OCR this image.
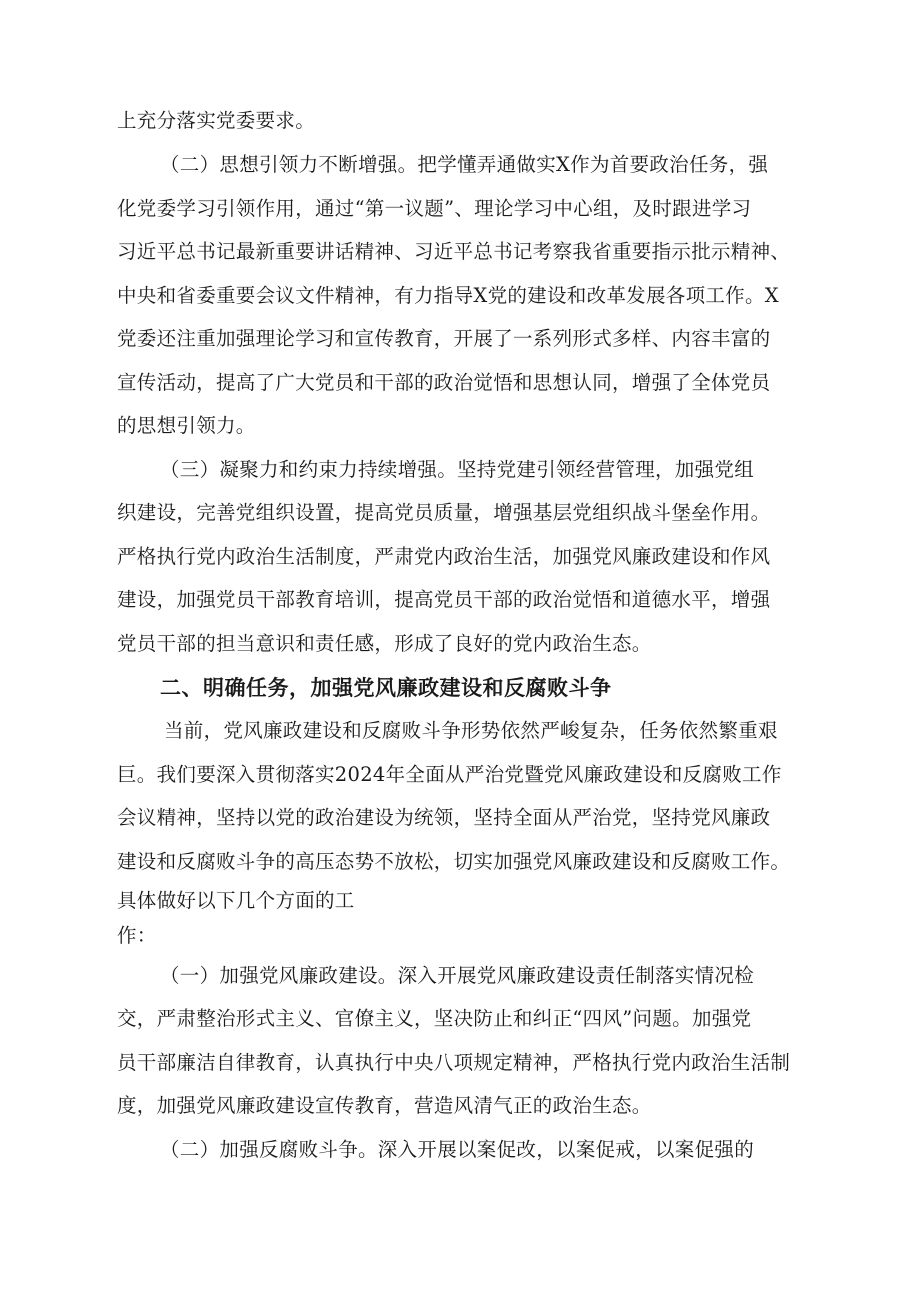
上充分落实党委要求。
（二）思想引领力不断增强。把学懂弄通做实X作为首要政治任务，强
化党委学习引领作用，通过“第一议题”、理论学习中心组，及时跟进学习
习近平总书记最新重要讲话精神、习近平总书记考察我省重要指示批示精神、
中央和省委重要会议文件精神，有力指导X党的建设和改革发展各项工作。X
党委还注重加强理论学习和宣传教育，开展了一系列形式多样、内容丰富的
宣传活动，提高了广大党员和干部的政治觉悟和思想认同，增强了全体党员
的思想引领力。
（三）凝聚力和约束力持续增强。坚持党建引领经营管理，加强党组
织建设，完善党组织设置，提高党员质量，增强基层党组织战斗堡垒作用。
严格执行党内政治生活制度，严肃党内政治生活，加强党风廉政建设和作风
建设，加强党员干部教育培训，提高党员干部的政治觉悟和道德水平，增强
党员干部的担当意识和责任感，形成了良好的党内政治生态。
二、明确任务，加强党风廉政建设和反腐败斗争
当前，党风廉政建设和反腐败斗争形势依然严峻复杂，任务依然繁重艰
巨。我们要深入贯彻落实2024年全面从严治党暨党风廉政建设和反腐败工作
会议精神，坚持以党的政治建设为统领，坚持全面从严治党，坚持党风廉政
建设和反腐败斗争的高压态势不放松，切实加强党风廉政建设和反腐败工作。
具体做好以下几个方面的工
作：
（一）加强党风廉政建设。深入开展党风廉政建设责任制落实情况检
交，严肃整治形式主义、官僚主义，坚决防止和纠正“四风”问题。加强党
员干部廉洁自律教育，认真执行中央八项规定精神，严格执行党内政治生活制
度，加强党风廉政建设宣传教育，营造风清气正的政治生态。
（二）加强反腐败斗争。深入开展以案促改，以案促戒，以案促强的
